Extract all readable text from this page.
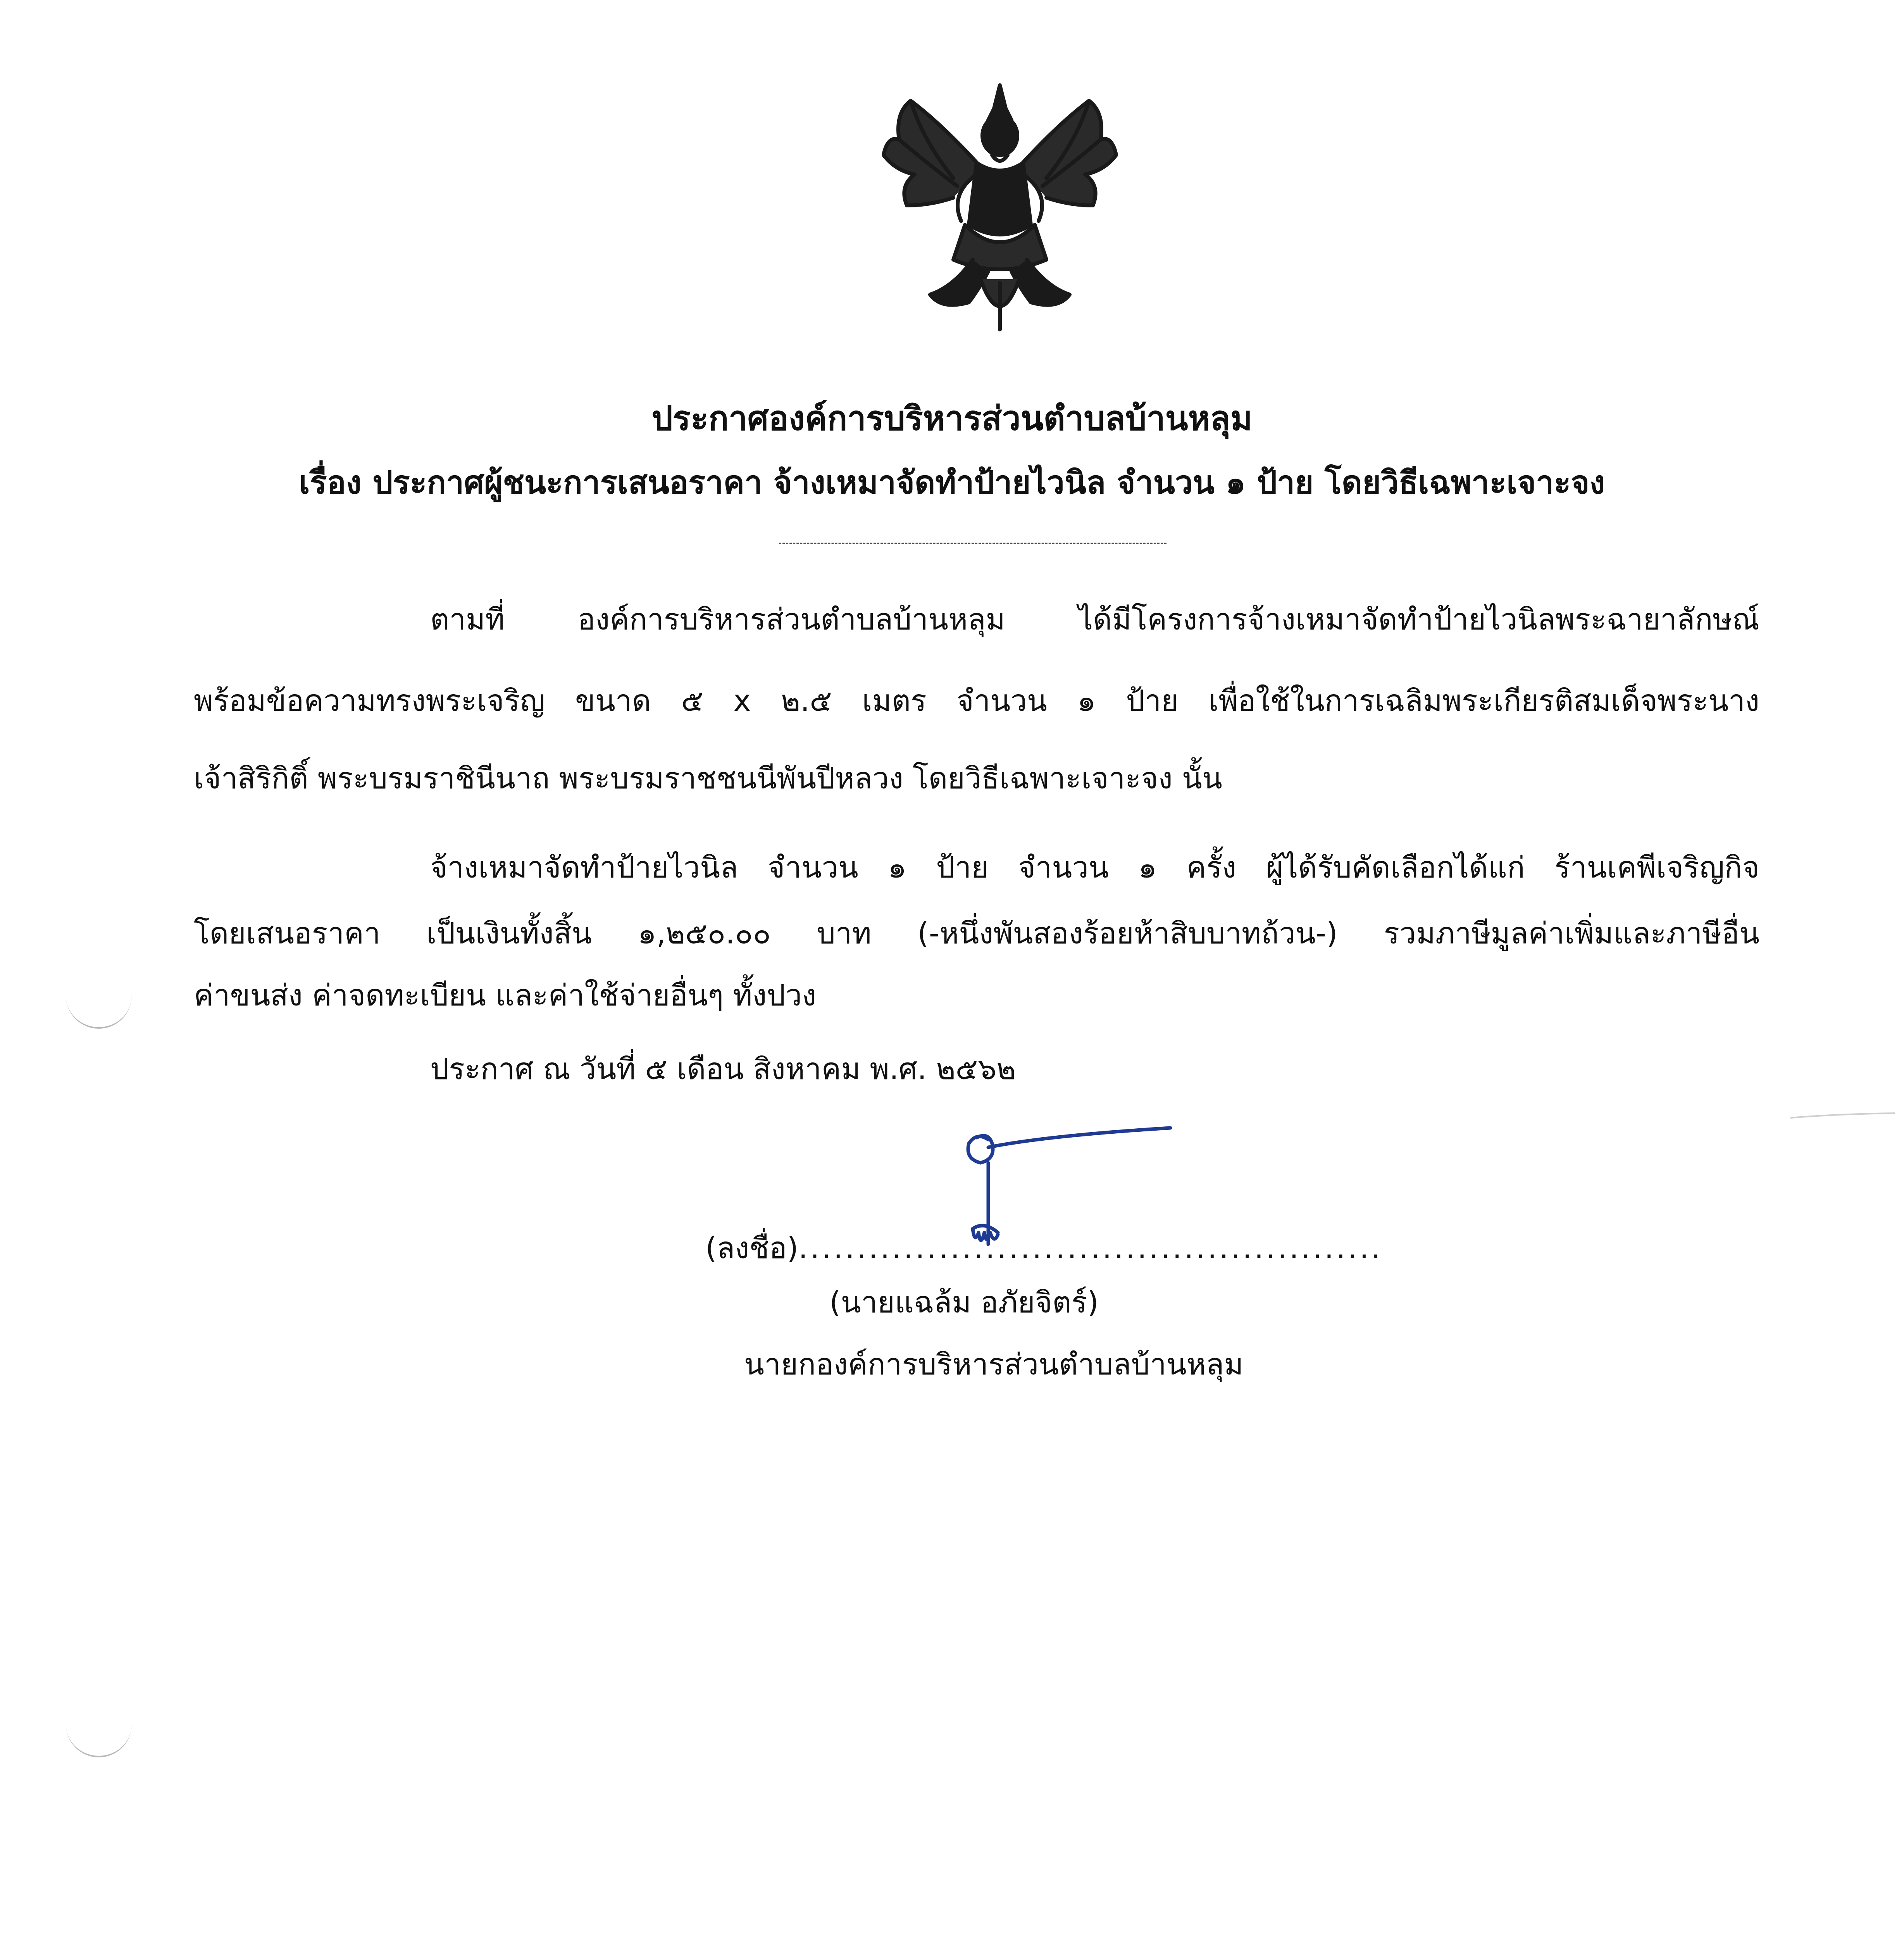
ประกาศองค์การบริหารส่วนตำบลบ้านหลุม
เรื่อง ประกาศผู้ชนะการเสนอราคา จ้างเหมาจัดทำป้ายไวนิล จำนวน ๑ ป้าย โดยวิธีเฉพาะเจาะจง
ตามที่ องค์การบริหารส่วนตำบลบ้านหลุม ได้มีโครงการจ้างเหมาจัดทำป้ายไวนิลพระฉายาลักษณ์
พร้อมข้อความทรงพระเจริญ ขนาด ๕ x ๒.๕ เมตร จำนวน ๑ ป้าย เพื่อใช้ในการเฉลิมพระเกียรติสมเด็จพระนาง
เจ้าสิริกิติ์ พระบรมราชินีนาถ พระบรมราชชนนีพันปีหลวง โดยวิธีเฉพาะเจาะจง นั้น
จ้างเหมาจัดทำป้ายไวนิล จำนวน ๑ ป้าย จำนวน ๑ ครั้ง ผู้ได้รับคัดเลือกได้แก่ ร้านเคพีเจริญกิจ
โดยเสนอราคา เป็นเงินทั้งสิ้น ๑,๒๕๐.๐๐ บาท (-หนึ่งพันสองร้อยห้าสิบบาทถ้วน-) รวมภาษีมูลค่าเพิ่มและภาษีอื่น
ค่าขนส่ง ค่าจดทะเบียน และค่าใช้จ่ายอื่นๆ ทั้งปวง
ประกาศ ณ วันที่ ๕ เดือน สิงหาคม พ.ศ. ๒๕๖๒
(ลงชื่อ)..................................................
(นายแฉล้ม อภัยจิตร์)
นายกองค์การบริหารส่วนตำบลบ้านหลุม
